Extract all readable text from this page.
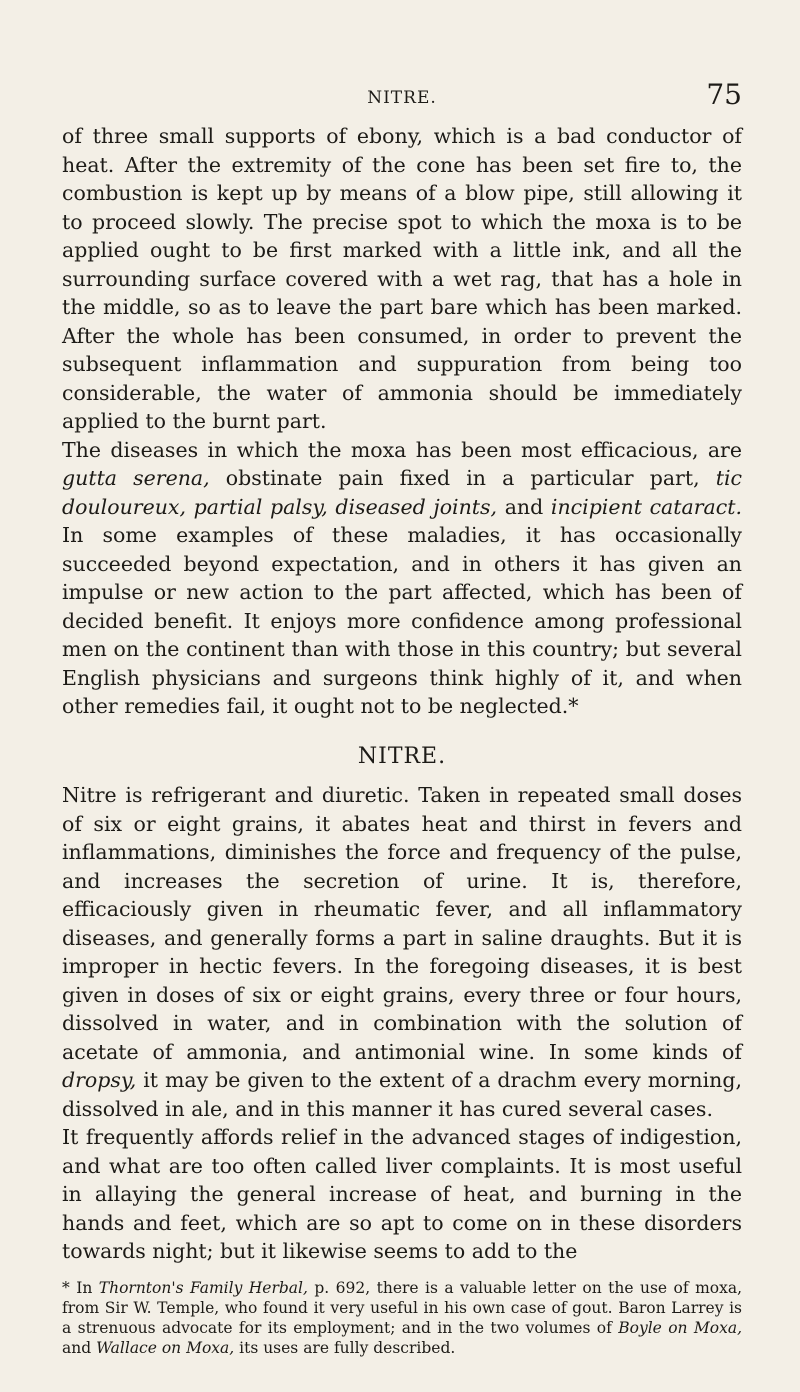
NITRE.	75

of three small supports of ebony, which is a bad conductor of heat. After the extremity of the cone has been set fire to, the combustion is kept up by means of a blow pipe, still allowing it to proceed slowly. The precise spot to which the moxa is to be applied ought to be first marked with a little ink, and all the surrounding surface covered with a wet rag, that has a hole in the middle, so as to leave the part bare which has been marked. After the whole has been consumed, in order to prevent the subsequent inflammation and suppuration from being too considerable, the water of ammonia should be immediately applied to the burnt part.

The diseases in which the moxa has been most efficacious, are gutta serena, obstinate pain fixed in a particular part, tic douloureux, partial palsy, diseased joints, and incipient cataract. In some examples of these maladies, it has occasionally succeeded beyond expectation, and in others it has given an impulse or new action to the part affected, which has been of decided benefit. It enjoys more confidence among professional men on the continent than with those in this country; but several English physicians and surgeons think highly of it, and when other remedies fail, it ought not to be neglected.*

NITRE.

Nitre is refrigerant and diuretic. Taken in repeated small doses of six or eight grains, it abates heat and thirst in fevers and inflammations, diminishes the force and frequency of the pulse, and increases the secretion of urine. It is, therefore, efficaciously given in rheumatic fever, and all inflammatory diseases, and generally forms a part in saline draughts. But it is improper in hectic fevers. In the foregoing diseases, it is best given in doses of six or eight grains, every three or four hours, dissolved in water, and in combination with the solution of acetate of ammonia, and antimonial wine. In some kinds of dropsy, it may be given to the extent of a drachm every morning, dissolved in ale, and in this manner it has cured several cases.

It frequently affords relief in the advanced stages of indigestion, and what are too often called liver complaints. It is most useful in allaying the general increase of heat, and burning in the hands and feet, which are so apt to come on in these disorders towards night; but it likewise seems to add to the

* In Thornton's Family Herbal, p. 692, there is a valuable letter on the use of moxa, from Sir W. Temple, who found it very useful in his own case of gout. Baron Larrey is a strenuous advocate for its employment; and in the two volumes of Boyle on Moxa, and Wallace on Moxa, its uses are fully described.
